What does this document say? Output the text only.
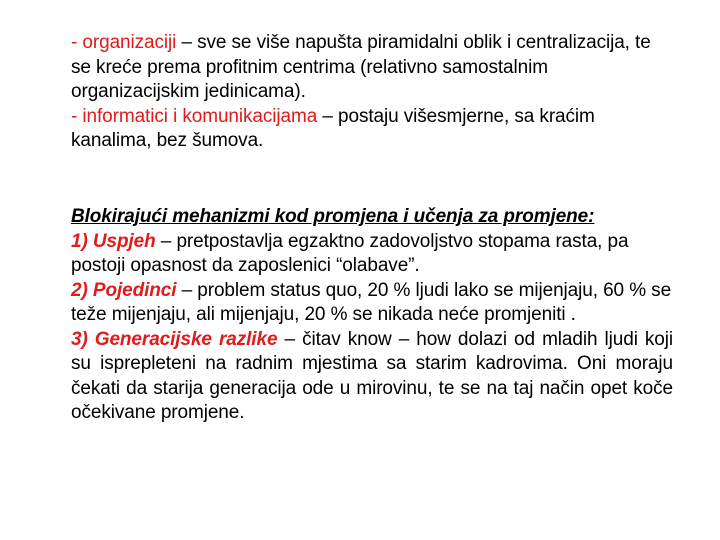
- organizaciji – sve se više napušta piramidalni oblik i centralizacija, te se kreće prema profitnim centrima (relativno samostalnim organizacijskim jedinicama).

- informatici i komunikacijama – postaju višesmjerne, sa kraćim kanalima, bez šumova.

Blokirajući mehanizmi kod promjena i učenja za promjene:

1) Uspjeh – pretpostavlja egzaktno zadovoljstvo stopama rasta, pa postoji opasnost da zaposlenici “olabave”.

2) Pojedinci – problem status quo, 20 % ljudi lako se mijenjaju, 60 % se teže mijenjaju, ali mijenjaju, 20 % se nikada neće promjeniti .

3) Generacijske razlike – čitav know – how dolazi od mladih ljudi koji su isprepleteni na radnim mjestima sa starim kadrovima. Oni moraju čekati da starija generacija ode u mirovinu, te se na taj način opet koče očekivane promjene.
